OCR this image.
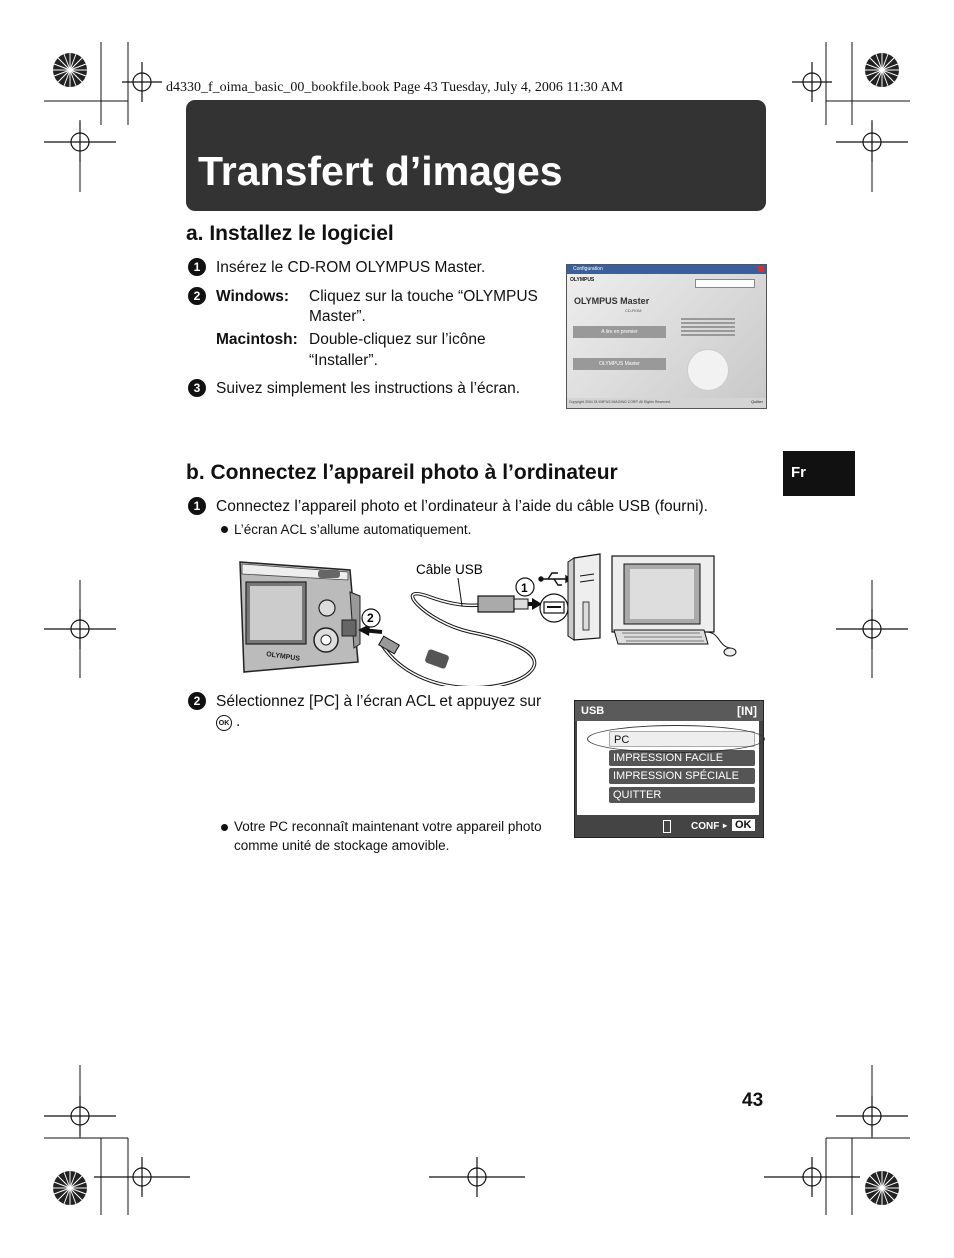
d4330_f_oima_basic_00_bookfile.book Page 43 Tuesday, July 4, 2006 11:30 AM
Transfert d’images
a. Installez le logiciel
1	Insérez le CD-ROM OLYMPUS Master.
2	Windows: Cliquez sur la touche “OLYMPUS
Master”.
Macintosh: Double-cliquez sur l’icône
“Installer”.
3	Suivez simplement les instructions à l’écran.
Configuration
OLYMPUS
OLYMPUS Master
CD-ROM
A lire en premier
OLYMPUS Master
Copyright 2004 OLYMPUS IMAGING CORP. All Rights Reserved.	Quitter
Fr
b. Connectez l’appareil photo à l’ordinateur
1	Connectez l’appareil photo et l’ordinateur à l’aide du câble USB (fourni).
L’écran ACL s’allume automatiquement.
OLYMPUS
2
Câble USB
1
2	Sélectionnez [PC] à l’écran ACL et appuyez sur
OK .
Votre PC reconnaît maintenant votre appareil photo
comme unité de stockage amovible.
USB	[IN]
PC
IMPRESSION FACILE
IMPRESSION SPÉCIALE
QUITTER
CONF ▸ OK
43
